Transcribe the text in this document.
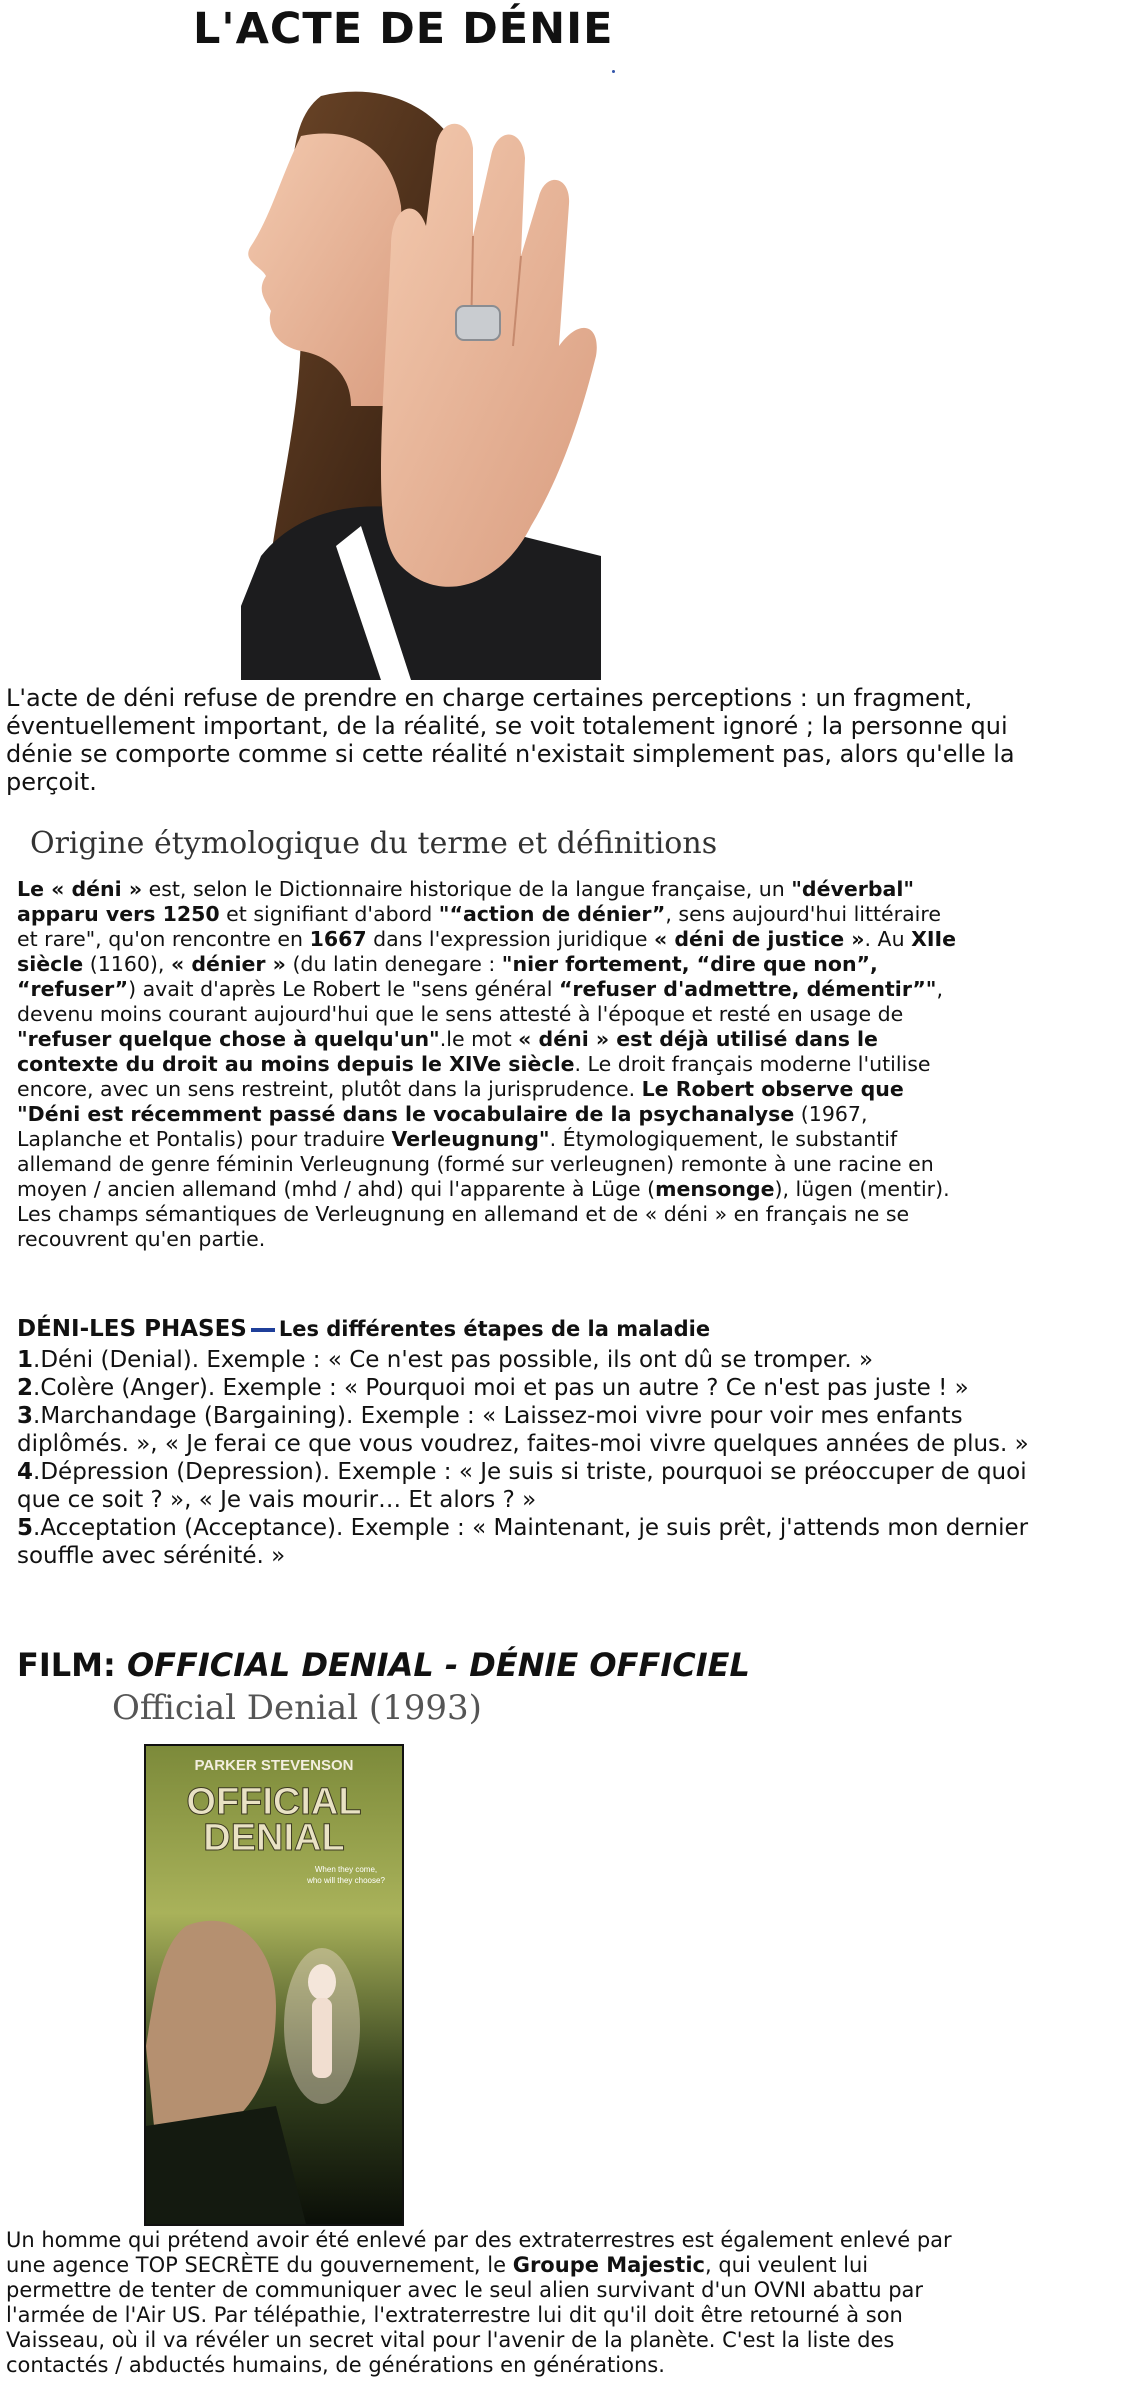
L'ACTE DE DÉNIE

L'acte de déni refuse de prendre en charge certaines perceptions : un fragment, éventuellement important, de la réalité, se voit totalement ignoré ; la personne qui dénie se comporte comme si cette réalité n'existait simplement pas, alors qu'elle la perçoit.

Origine étymologique du terme et définitions

Le « déni » est, selon le Dictionnaire historique de la langue française, un "déverbal" apparu vers 1250 et signifiant d'abord "“action de dénier”, sens aujourd'hui littéraire et rare", qu'on rencontre en 1667 dans l'expression juridique « déni de justice ». Au XIIe siècle (1160), « dénier » (du latin denegare : "nier fortement, “dire que non”, “refuser”) avait d'après Le Robert le "sens général “refuser d'admettre, démentir”", devenu moins courant aujourd'hui que le sens attesté à l'époque et resté en usage de "refuser quelque chose à quelqu'un".le mot « déni » est déjà utilisé dans le contexte du droit au moins depuis le XIVe siècle. Le droit français moderne l'utilise encore, avec un sens restreint, plutôt dans la jurisprudence. Le Robert observe que "Déni est récemment passé dans le vocabulaire de la psychanalyse (1967, Laplanche et Pontalis) pour traduire Verleugnung". Étymologiquement, le substantif allemand de genre féminin Verleugnung (formé sur verleugnen) remonte à une racine en moyen / ancien allemand (mhd / ahd) qui l'apparente à Lüge (mensonge), lügen (mentir). Les champs sémantiques de Verleugnung en allemand et de « déni » en français ne se recouvrent qu'en partie.

DÉNI-LES PHASES Les différentes étapes de la maladie
1.Déni (Denial). Exemple : « Ce n'est pas possible, ils ont dû se tromper. »
2.Colère (Anger). Exemple : « Pourquoi moi et pas un autre ? Ce n'est pas juste ! »
3.Marchandage (Bargaining). Exemple : « Laissez-moi vivre pour voir mes enfants diplômés. », « Je ferai ce que vous voudrez, faites-moi vivre quelques années de plus. »
4.Dépression (Depression). Exemple : « Je suis si triste, pourquoi se préoccuper de quoi que ce soit ? », « Je vais mourir… Et alors ? »
5.Acceptation (Acceptance). Exemple : « Maintenant, je suis prêt, j'attends mon dernier souffle avec sérénité. »
FILM: OFFICIAL DENIAL - DÉNIE OFFICIEL
Official Denial (1993)
PARKER STEVENSON
OFFICIAL
DENIAL
When they come,
who will they choose?

Un homme qui prétend avoir été enlevé par des extraterrestres est également enlevé par une agence TOP SECRÈTE du gouvernement, le Groupe Majestic, qui veulent lui permettre de tenter de communiquer avec le seul alien survivant d'un OVNI abattu par l'armée de l'Air US. Par télépathie, l'extraterrestre lui dit qu'il doit être retourné à son Vaisseau, où il va révéler un secret vital pour l'avenir de la planète. C'est la liste des contactés / abductés humains, de générations en générations.
